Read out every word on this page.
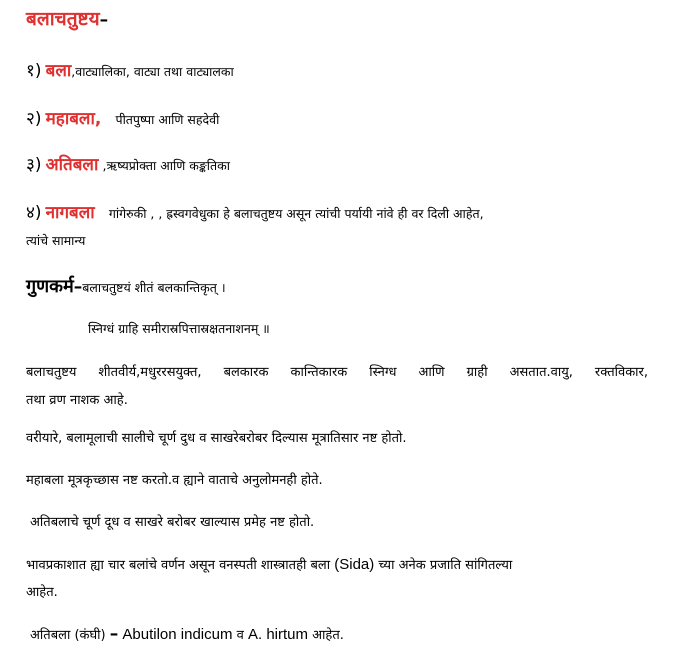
बलाचतुष्टय–
१) बला,वाट्यालिका, वाट्या तथा वाट्यालका
२) महाबला, पीतपुष्पा आणि सहदेवी
३) अतिबला ,ऋष्यप्रोक्ता आणि कङ्कतिका
४) नागबला गांगेरुकी , , ह्रस्वगवेधुका हे बलाचतुष्टय असून त्यांची पर्यायी नांवे ही वर दिली आहेत,
त्यांचे सामान्य
गुणकर्म–बलाचतुष्टयं शीतं बलकान्तिकृत् ।
स्निग्धं ग्राहि समीरास्रपित्तास्रक्षतनाशनम् ॥
बलाचतुष्टय शीतवीर्य,मधुररसयुक्त, बलकारक कान्तिकारक स्निग्ध आणि ग्राही असतात.वायु, रक्तविकार,
तथा व्रण नाशक आहे.
वरीयारे, बलामूलाची सालीचे चूर्ण दुध व साखरेबरोबर दिल्यास मूत्रातिसार नष्ट होतो.
महाबला मूत्रकृच्छास नष्ट करतो.व ह्याने वाताचे अनुलोमनही होते.
अतिबलाचे चूर्ण दूध व साखरे बरोबर खाल्यास प्रमेह नष्ट होतो.
भावप्रकाशात ह्या चार बलांचे वर्णन असून वनस्पती शास्त्रातही बला (Sida) च्या अनेक प्रजाति सांगितल्या
आहेत.
अतिबला (कंघी) – Abutilon indicum व A. hirtum आहेत.
